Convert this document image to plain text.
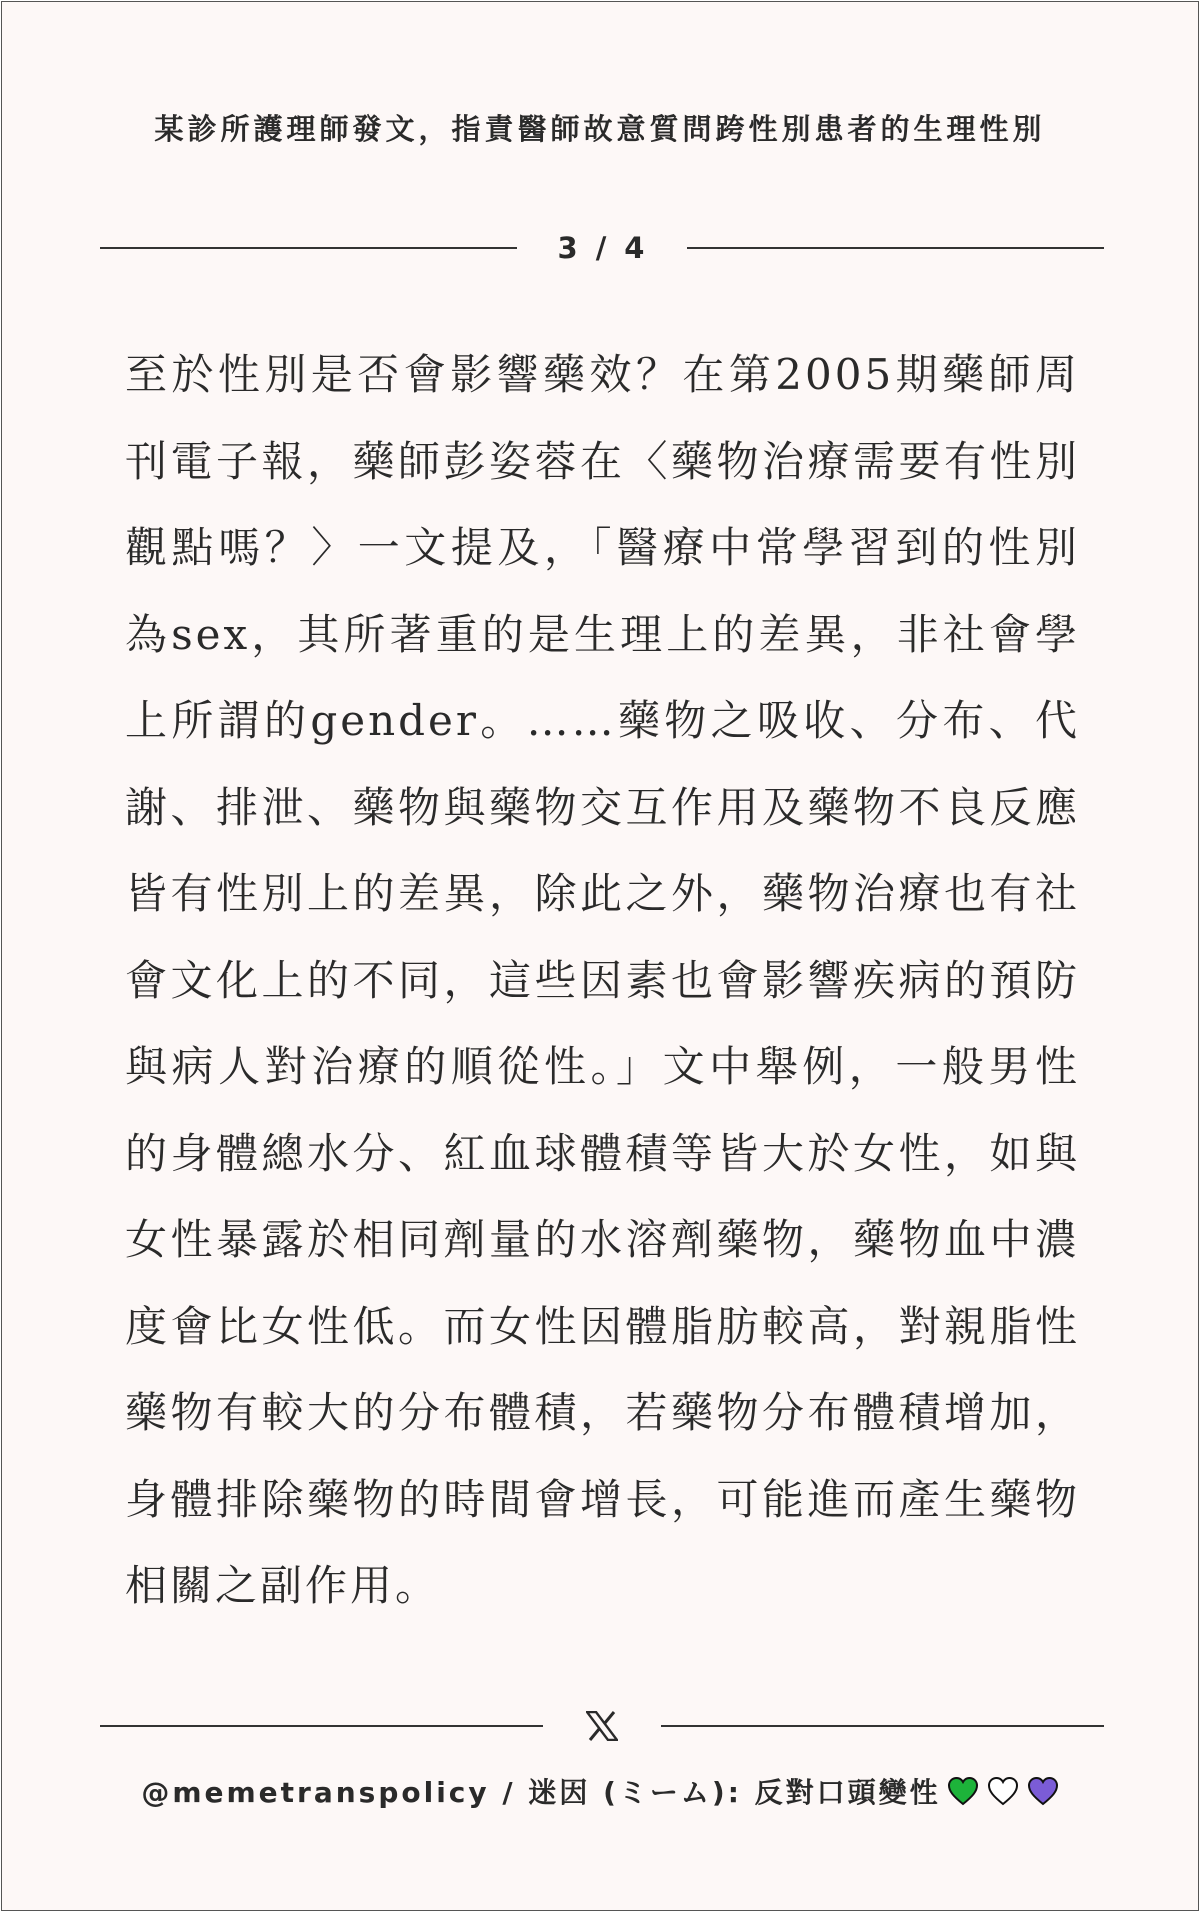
某診所護理師發文，指責醫師故意質問跨性別患者的生理性別
3 / 4

至於性別是否會影響藥效？在第2005期藥師周刊電子報，藥師彭姿蓉在〈藥物治療需要有性別觀點嗎？〉一文提及，「醫療中常學習到的性別為sex，其所著重的是生理上的差異，非社會學上所謂的gender。……藥物之吸收、分布、代謝、排泄、藥物與藥物交互作用及藥物不良反應皆有性別上的差異，除此之外，藥物治療也有社會文化上的不同，這些因素也會影響疾病的預防與病人對治療的順從性。」文中舉例，一般男性的身體總水分、紅血球體積等皆大於女性，如與女性暴露於相同劑量的水溶劑藥物，藥物血中濃度會比女性低。而女性因體脂肪較高，對親脂性藥物有較大的分布體積，若藥物分布體積增加，身體排除藥物的時間會增長，可能進而產生藥物相關之副作用。

@memetranspolicy / 迷因 (ミーム): 反對口頭變性
